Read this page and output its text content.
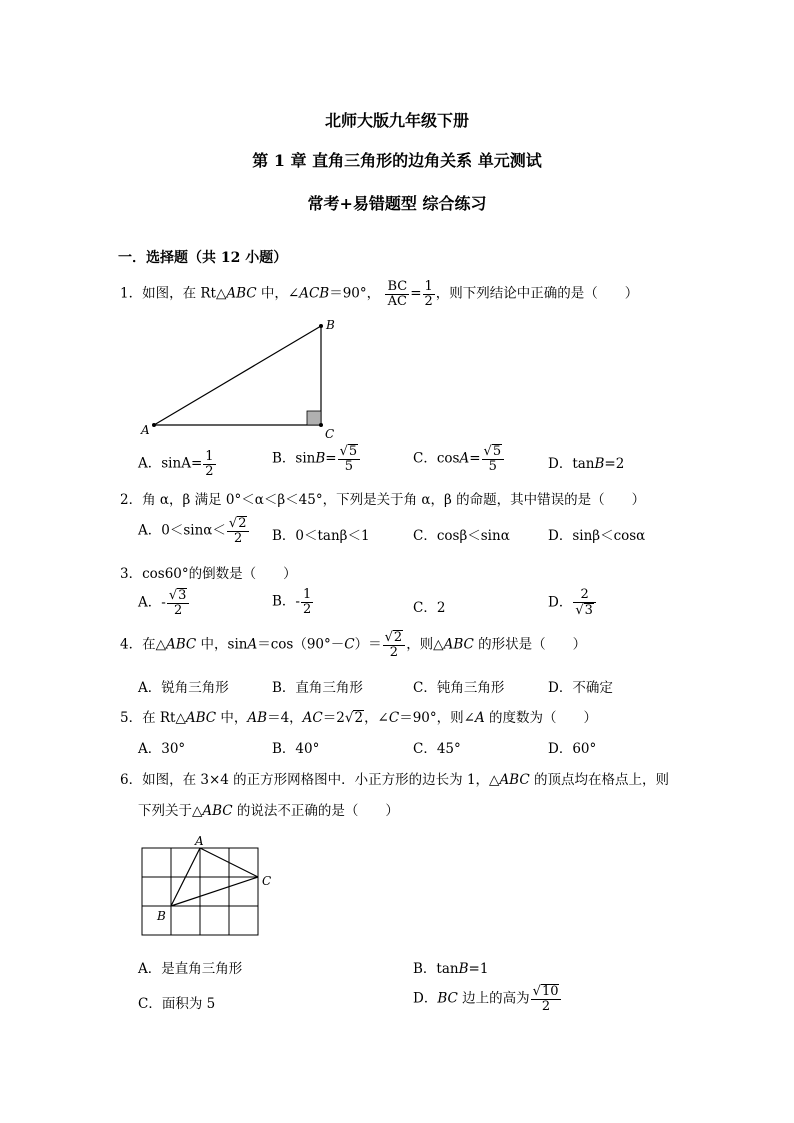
北师大版九年级下册
第 1 章 直角三角形的边角关系 单元测试
常考+易错题型 综合练习
一．选择题（共 12 小题）
1．如图，在 Rt△ABC 中，∠ACB＝90°， $\frac{BC}{AC} = \frac{1}{2}$ ，则下列结论中正确的是（　　）
A
B
C
A．$\sin A= \frac{1}{2}$	B．$\sin B= \frac{√5}{5}$	C．$\cos A= \frac{√5}{5}$	D．tanB=2
2．角 α，β 满足 0°＜α＜β＜45°，下列是关于角 α，β 的命题，其中错误的是（　　）
A．$0<\sin\alpha< \frac{√2}{2}$ B．0＜tanβ＜1	C．cosβ＜sinα	D．sinβ＜cosα
3．cos60°的倒数是（　　）
A．- $\frac{√3}{2}$	B．- $\frac{1}{2}$	C．2	D． $\frac{2}{√3}$
4．在△ABC 中，$\sin A=\cos(90^\circ-C)= \frac{√2}{2}$ ，则△ABC 的形状是（　　）
A．锐角三角形	B．直角三角形	C．钝角三角形	D．不确定
5．在 Rt△ABC 中，AB＝4，AC＝2√2，∠C＝90°，则∠A 的度数为（　　）
A．30°	B．40°	C．45°	D．60°
6．如图，在 3×4 的正方形网格图中．小正方形的边长为 1，△ABC 的顶点均在格点上，则
下列关于△ABC 的说法不正确的是（　　）
A
B
C
A．是直角三角形	B．tanB=1
C．面积为 5	D．BC 边上的高为 $\frac{√10}{2}$
